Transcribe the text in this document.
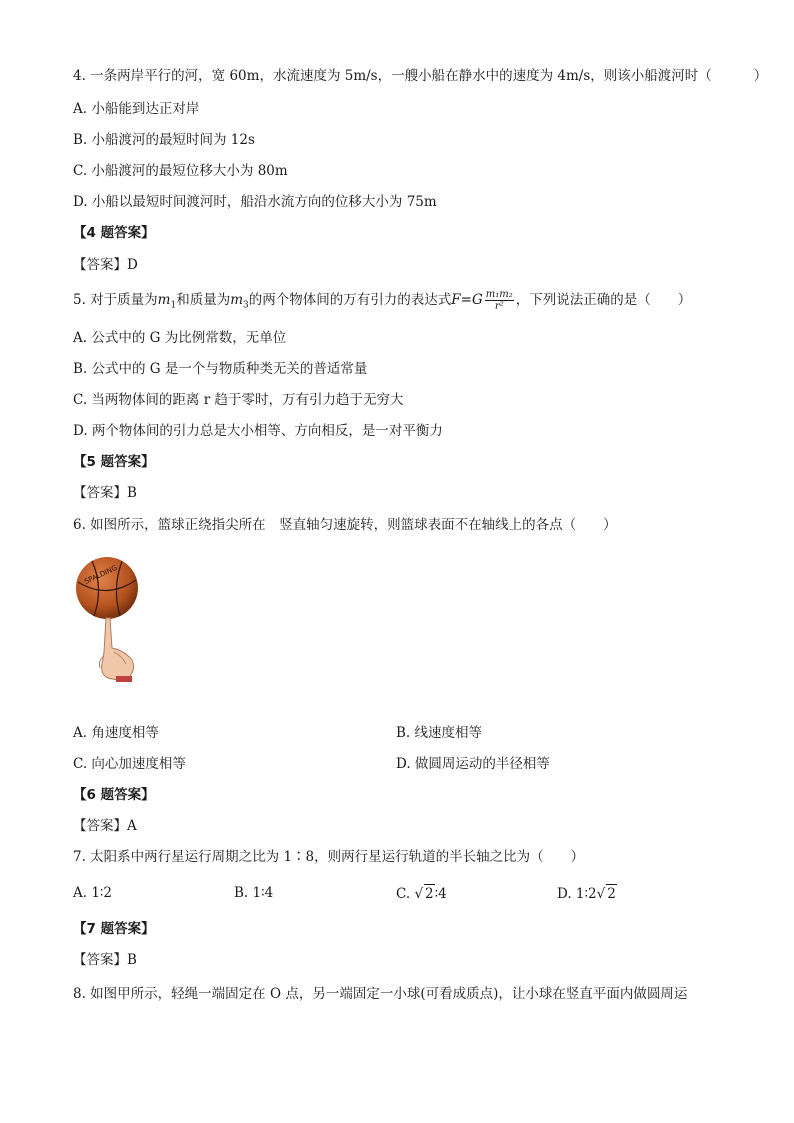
4. 一条两岸平行的河，宽 60m，水流速度为 5m/s，一艘小船在静水中的速度为 4m/s，则该小船渡河时（	）
A. 小船能到达正对岸
B. 小船渡河的最短时间为 12s
C. 小船渡河的最短位移大小为 80m
D. 小船以最短时间渡河时，船沿水流方向的位移大小为 75m
【4 题答案】
【答案】D
5. 对于质量为$m_1$和质量为$m_3$的两个物体间的万有引力的表达式$F=G \frac{\text{m₁m₂}}{\text{r²}}$ ，下列说法正确的是（　　）
A. 公式中的 G 为比例常数，无单位
B. 公式中的 G 是一个与物质种类无关的普适常量
C. 当两物体间的距离 r 趋于零时，万有引力趋于无穷大
D. 两个物体间的引力总是大小相等、方向相反，是一对平衡力
【5 题答案】
【答案】B
6. 如图所示，篮球正绕指尖所在　竖直轴匀速旋转，则篮球表面不在轴线上的各点（　　）
SPALDING
A. 角速度相等	B. 线速度相等
C. 向心加速度相等	D. 做圆周运动的半径相等
【6 题答案】
【答案】A
7. 太阳系中两行星运行周期之比为 1∶8，则两行星运行轨道的半长轴之比为（　　）
A. 1∶2	B. 1∶4	C. √ 2∶4	D. 1∶2√ 2
【7 题答案】
【答案】B
8. 如图甲所示，轻绳一端固定在 O 点，另一端固定一小球(可看成质点)，让小球在竖直平面内做圆周运
